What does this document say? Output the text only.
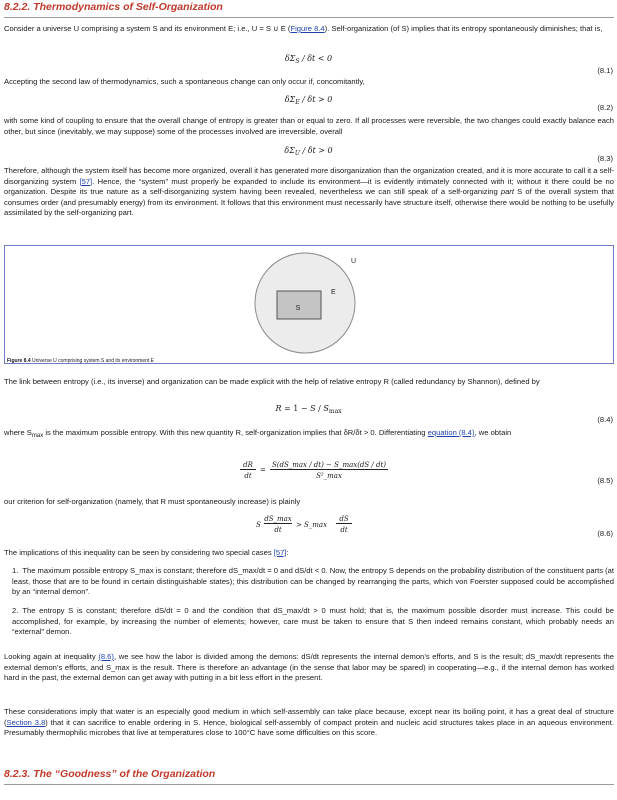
8.2.2. Thermodynamics of Self-Organization
Consider a universe U comprising a system S and its environment E; i.e., U = S ∪ E (Figure 8.4). Self-organization (of S) implies that its entropy spontaneously diminishes; that is,
$\delta\Sigma_S / \delta t < 0$
(8.1)
Accepting the second law of thermodynamics, such a spontaneous change can only occur if, concomitantly,
$\delta\Sigma_E / \delta t > 0$
(8.2)
with some kind of coupling to ensure that the overall change of entropy is greater than or equal to zero. If all processes were reversible, the two changes could exactly balance each other, but since (inevitably, we may suppose) some of the processes involved are irreversible, overall
$\delta\Sigma_U / \delta t > 0$
(8.3)
Therefore, although the system itself has become more organized, overall it has generated more disorganization than the organization created, and it is more accurate to call it a self-disorganizing system [57]. Hence, the “system” must properly be expanded to include its environment—it is evidently intimately connected with it; without it there could be no organization. Despite its true nature as a self-disorganizing system having been revealed, nevertheless we can still speak of a self-organizing part S of the overall system that consumes order (and presumably energy) from its environment. It follows that this environment must necessarily have structure itself, otherwise there would be nothing to be usefully assimilated by the self-organizing part.
U
E
S
Figure 8.4 Universe U comprising system S and its environment E
The link between entropy (i.e., its inverse) and organization can be made explicit with the help of relative entropy R (called redundancy by Shannon), defined by
$R = 1 - S / S_{max}$
(8.4)
where $S_{max}$ is the maximum possible entropy. With this new quantity R, self-organization implies that δR/δt > 0. Differentiating equation (8.4), we obtain
dR
dt
=
S(dS_max / dt) − S_max(dS / dt)
S²_max	(8.5)
our criterion for self-organization (namely, that R must spontaneously increase) is plainly
S
dS_max
dt
> S_max
dS
dt	(8.6)
The implications of this inequality can be seen by considering two special cases [57]:
1. The maximum possible entropy S_max is constant; therefore dS_max/dt = 0 and dS/dt < 0. Now, the entropy S depends on the probability distribution of the constituent parts (at least, those that are to be found in certain distinguishable states); this distribution can be changed by rearranging the parts, which von Foerster supposed could be accomplished by an “internal demon”.
2. The entropy S is constant; therefore dS/dt = 0 and the condition that dS_max/dt > 0 must hold; that is, the maximum possible disorder must increase. This could be accomplished, for example, by increasing the number of elements; however, care must be taken to ensure that S then indeed remains constant, which probably needs an “external” demon.
Looking again at inequality (8.6), we see how the labor is divided among the demons: dS/dt represents the internal demon’s efforts, and S is the result; dS_max/dt represents the external demon’s efforts, and S_max is the result. There is therefore an advantage (in the sense that labor may be spared) in cooperating—e.g., if the internal demon has worked hard in the past, the external demon can get away with putting in a bit less effort in the present.
These considerations imply that water is an especially good medium in which self-assembly can take place because, except near its boiling point, it has a great deal of structure (Section 3.8) that it can sacrifice to enable ordering in S. Hence, biological self-assembly of compact protein and nucleic acid structures takes place in an aqueous environment. Presumably thermophilic microbes that live at temperatures close to 100°C have some difficulties on this score.
8.2.3. The “Goodness” of the Organization
